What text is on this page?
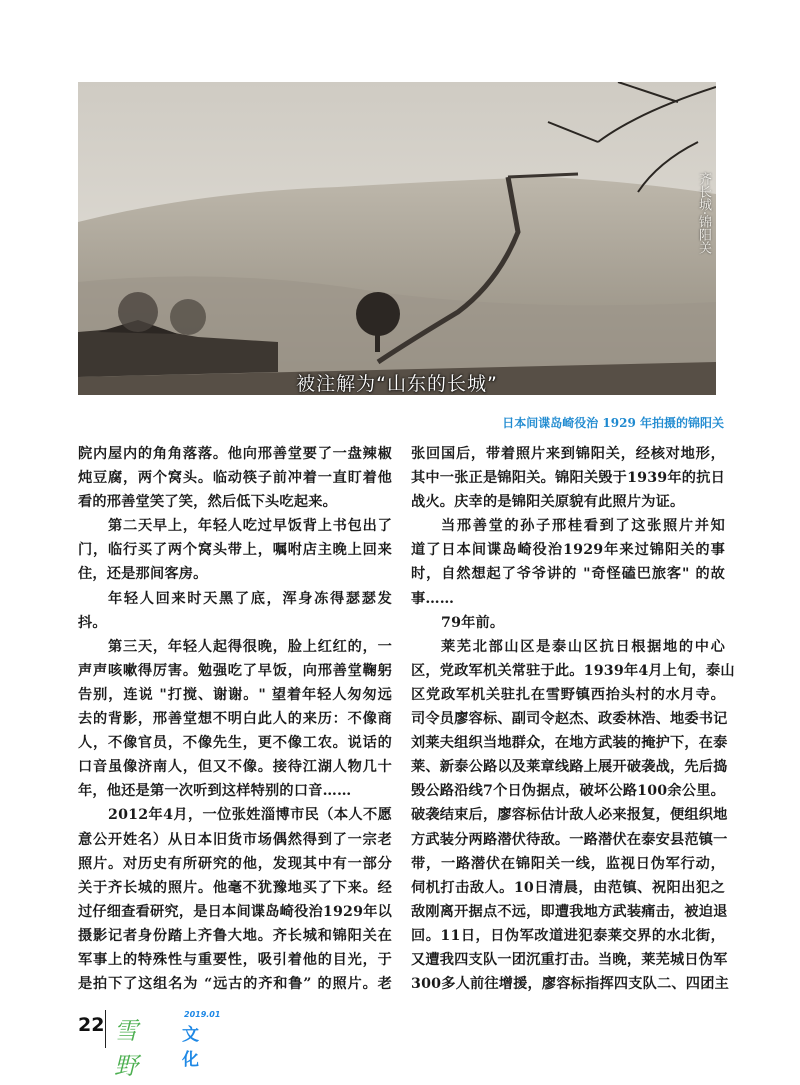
齐长城·锦阳关
被注解为“山东的长城”
日本间谍岛崎役治 1929 年拍摄的锦阳关
院内屋内的角角落落。他向邢善堂要了一盘辣椒
炖豆腐，两个窝头。临动筷子前冲着一直盯着他
看的邢善堂笑了笑，然后低下头吃起来。
第二天早上，年轻人吃过早饭背上书包出了
门，临行买了两个窝头带上，嘱咐店主晚上回来
住，还是那间客房。
年轻人回来时天黑了底，浑身冻得瑟瑟发
抖。
第三天，年轻人起得很晚，脸上红红的，一
声声咳嗽得厉害。勉强吃了早饭，向邢善堂鞠躬
告别，连说 "打搅、谢谢。" 望着年轻人匆匆远
去的背影，邢善堂想不明白此人的来历：不像商
人，不像官员，不像先生，更不像工农。说话的
口音虽像济南人，但又不像。接待江湖人物几十
年，他还是第一次听到这样特别的口音……
2012年4月，一位张姓淄博市民（本人不愿
意公开姓名）从日本旧货市场偶然得到了一宗老
照片。对历史有所研究的他，发现其中有一部分
关于齐长城的照片。他毫不犹豫地买了下来。经
过仔细查看研究，是日本间谍岛崎役治1929年以
摄影记者身份踏上齐鲁大地。齐长城和锦阳关在
军事上的特殊性与重要性，吸引着他的目光，于
是拍下了这组名为 “远古的齐和鲁” 的照片。老
张回国后，带着照片来到锦阳关，经核对地形，
其中一张正是锦阳关。锦阳关毁于1939年的抗日
战火。庆幸的是锦阳关原貌有此照片为证。
当邢善堂的孙子邢桂看到了这张照片并知
道了日本间谍岛崎役治1929年来过锦阳关的事
时，自然想起了爷爷讲的 "奇怪磕巴旅客" 的故
事……
79年前。
莱芜北部山区是泰山区抗日根据地的中心
区，党政军机关常驻于此。1939年4月上旬，泰山
区党政军机关驻扎在雪野镇西抬头村的水月寺。
司令员廖容标、副司令赵杰、政委林浩、地委书记
刘莱夫组织当地群众，在地方武装的掩护下，在泰
莱、新泰公路以及莱章线路上展开破袭战，先后捣
毁公路沿线7个日伪据点，破坏公路100余公里。
破袭结束后，廖容标估计敌人必来报复，便组织地
方武装分两路潜伏待敌。一路潜伏在泰安县范镇一
带，一路潜伏在锦阳关一线，监视日伪军行动，
伺机打击敌人。10日清晨，由范镇、祝阳出犯之
敌刚离开据点不远，即遭我地方武装痛击，被迫退
回。11日，日伪军改道进犯泰莱交界的水北街，
又遭我四支队一团沉重打击。当晚，莱芜城日伪军
300多人前往增援，廖容标指挥四支队二、四团主
22 雪野
2019.01
文化
